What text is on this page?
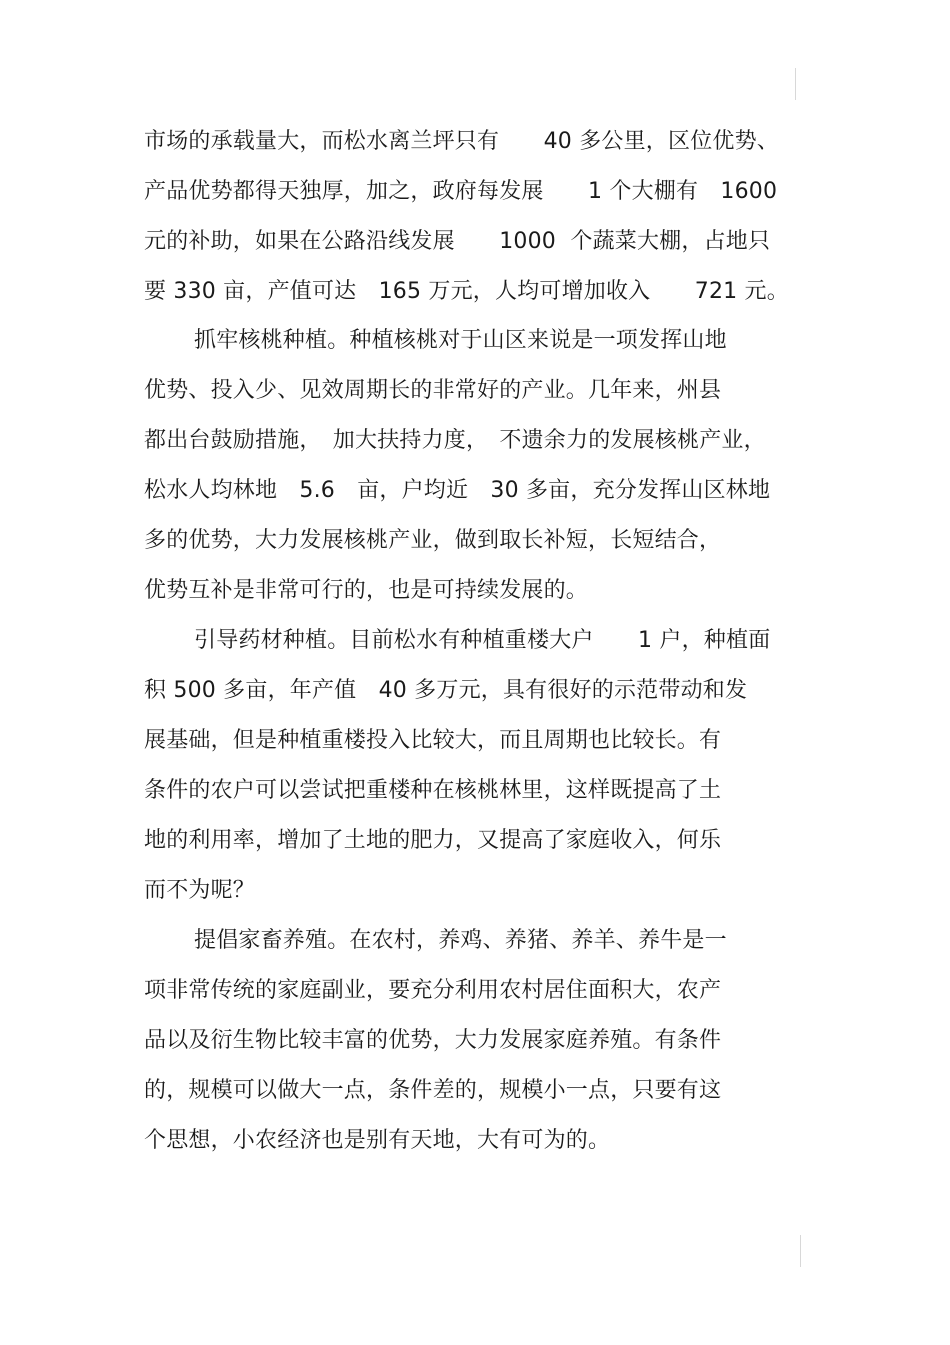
市场的承载量大，而松水离兰坪只有　　40 多公里，区位优势、
产品优势都得天独厚，加之，政府每发展　　1 个大棚有　1600
元的补助，如果在公路沿线发展　　1000  个蔬菜大棚，占地只
要 330 亩，产值可达　165 万元，人均可增加收入　　721 元。
抓牢核桃种植。种植核桃对于山区来说是一项发挥山地
优势、投入少、见效周期长的非常好的产业。几年来，州县
都出台鼓励措施，　加大扶持力度，　不遗余力的发展核桃产业，
松水人均林地　5.6　亩，户均近　30 多亩，充分发挥山区林地
多的优势，大力发展核桃产业，做到取长补短，长短结合，
优势互补是非常可行的，也是可持续发展的。
引导药材种植。目前松水有种植重楼大户　　1 户，种植面
积 500 多亩，年产值　40 多万元，具有很好的示范带动和发
展基础，但是种植重楼投入比较大，而且周期也比较长。有
条件的农户可以尝试把重楼种在核桃林里，这样既提高了土
地的利用率，增加了土地的肥力，又提高了家庭收入，何乐
而不为呢？
提倡家畜养殖。在农村，养鸡、养猪、养羊、养牛是一
项非常传统的家庭副业，要充分利用农村居住面积大，农产
品以及衍生物比较丰富的优势，大力发展家庭养殖。有条件
的，规模可以做大一点，条件差的，规模小一点，只要有这
个思想，小农经济也是别有天地，大有可为的。
